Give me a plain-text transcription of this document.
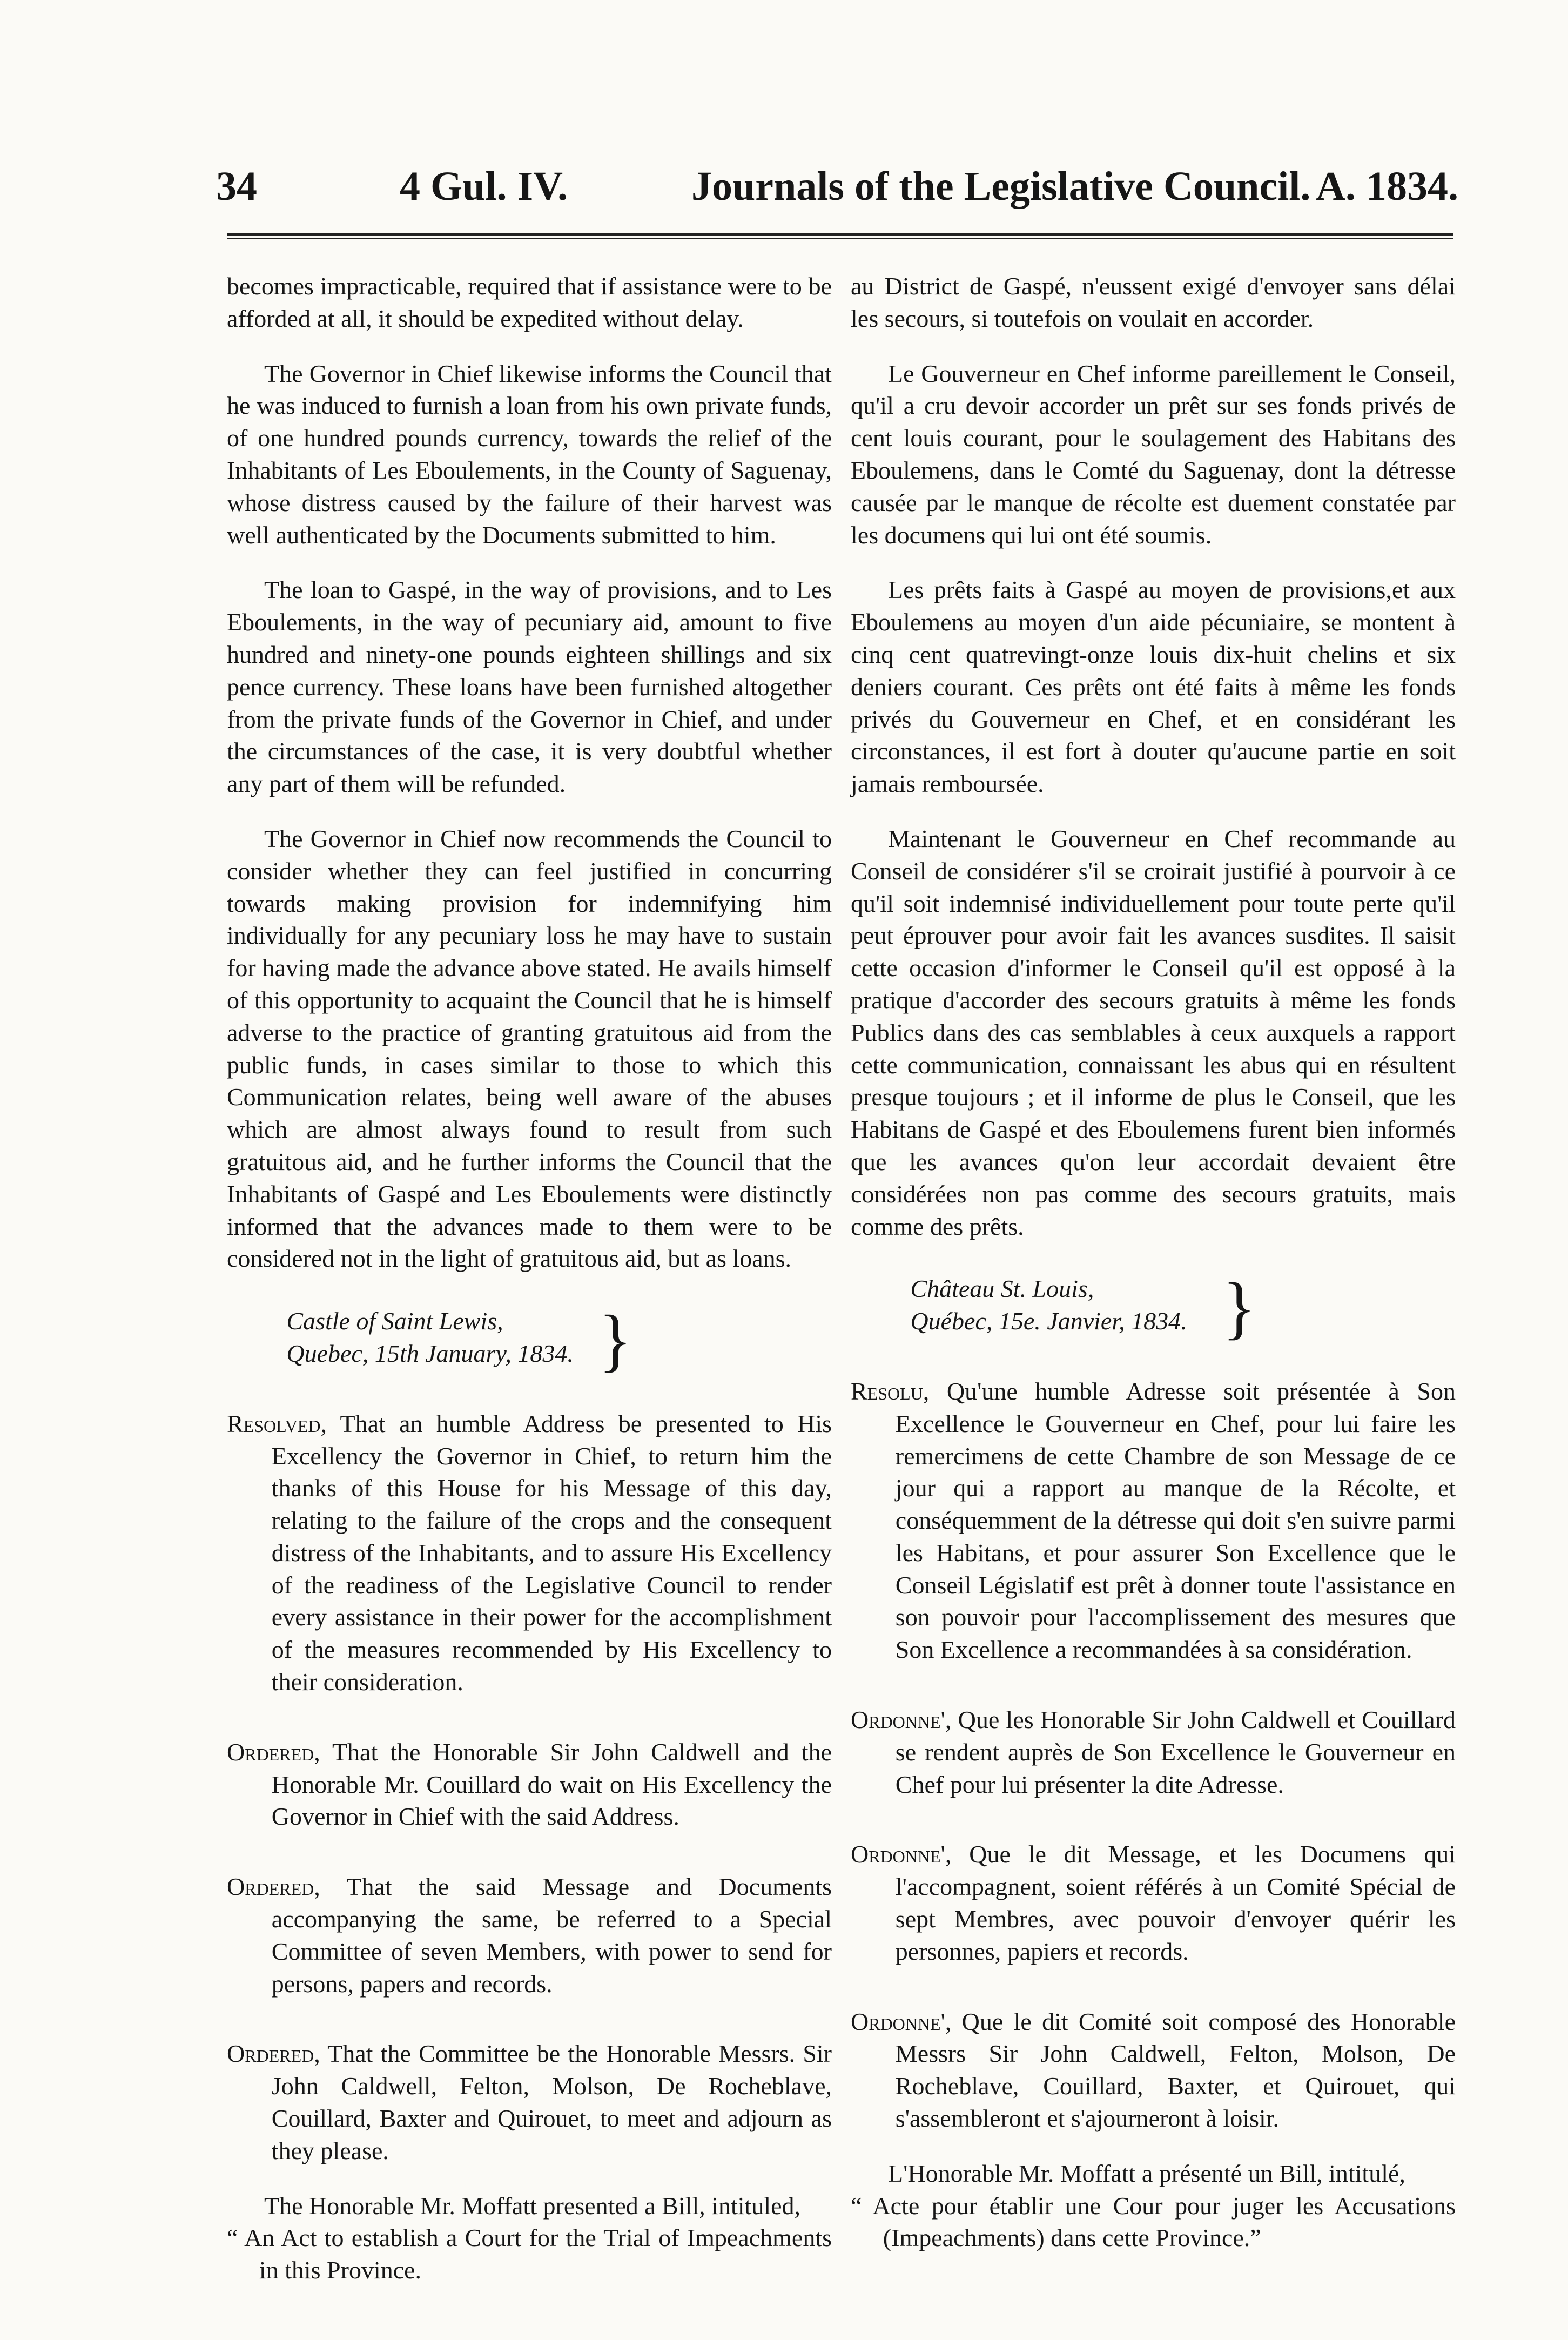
34	4 Gul. IV.	Journals of the Legislative Council. A. 1834.

becomes impracticable, required that if assistance were to be afforded at all, it should be expedited without delay.

The Governor in Chief likewise informs the Council that he was induced to furnish a loan from his own private funds, of one hundred pounds currency, towards the relief of the Inhabitants of Les Eboulements, in the County of Saguenay, whose distress caused by the failure of their harvest was well authenticated by the Documents submitted to him.

The loan to Gaspé, in the way of provisions, and to Les Eboulements, in the way of pecuniary aid, amount to five hundred and ninety-one pounds eighteen shillings and six pence currency. These loans have been furnished altogether from the private funds of the Governor in Chief, and under the circumstances of the case, it is very doubtful whether any part of them will be refunded.

The Governor in Chief now recommends the Council to consider whether they can feel justified in concurring towards making provision for indemnifying him individually for any pecuniary loss he may have to sustain for having made the advance above stated. He avails himself of this opportunity to acquaint the Council that he is himself adverse to the practice of granting gratuitous aid from the public funds, in cases similar to those to which this Communication relates, being well aware of the abuses which are almost always found to result from such gratuitous aid, and he further informs the Council that the Inhabitants of Gaspé and Les Eboulements were distinctly informed that the advances made to them were to be considered not in the light of gratuitous aid, but as loans.

Castle of Saint Lewis,
Quebec, 15th January, 1834. }

Resolved, That an humble Address be presented to His Excellency the Governor in Chief, to return him the thanks of this House for his Message of this day, relating to the failure of the crops and the consequent distress of the Inhabitants, and to assure His Excellency of the readiness of the Legislative Council to render every assistance in their power for the accomplishment of the measures recommended by His Excellency to their consideration.

Ordered, That the Honorable Sir John Caldwell and the Honorable Mr. Couillard do wait on His Excellency the Governor in Chief with the said Address.

Ordered, That the said Message and Documents accompanying the same, be referred to a Special Committee of seven Members, with power to send for persons, papers and records.

Ordered, That the Committee be the Honorable Messrs. Sir John Caldwell, Felton, Molson, De Rocheblave, Couillard, Baxter and Quirouet, to meet and adjourn as they please.

The Honorable Mr. Moffatt presented a Bill, intituled,

“ An Act to establish a Court for the Trial of Impeachments in this Province.

au District de Gaspé, n'eussent exigé d'envoyer sans délai les secours, si toutefois on voulait en accorder.

Le Gouverneur en Chef informe pareillement le Conseil, qu'il a cru devoir accorder un prêt sur ses fonds privés de cent louis courant, pour le soulagement des Habitans des Eboulemens, dans le Comté du Saguenay, dont la détresse causée par le manque de récolte est duement constatée par les documens qui lui ont été soumis.

Les prêts faits à Gaspé au moyen de provisions,et aux Eboulemens au moyen d'un aide pécuniaire, se montent à cinq cent quatrevingt-onze louis dix-huit chelins et six deniers courant. Ces prêts ont été faits à même les fonds privés du Gouverneur en Chef, et en considérant les circonstances, il est fort à douter qu'aucune partie en soit jamais remboursée.

Maintenant le Gouverneur en Chef recommande au Conseil de considérer s'il se croirait justifié à pourvoir à ce qu'il soit indemnisé individuellement pour toute perte qu'il peut éprouver pour avoir fait les avances susdites. Il saisit cette occasion d'informer le Conseil qu'il est opposé à la pratique d'accorder des secours gratuits à même les fonds Publics dans des cas semblables à ceux auxquels a rapport cette communication, connaissant les abus qui en résultent presque toujours ; et il informe de plus le Conseil, que les Habitans de Gaspé et des Eboulemens furent bien informés que les avances qu'on leur accordait devaient être considérées non pas comme des secours gratuits, mais comme des prêts.

Château St. Louis,
Québec, 15e. Janvier, 1834. }

Resolu, Qu'une humble Adresse soit présentée à Son Excellence le Gouverneur en Chef, pour lui faire les remercimens de cette Chambre de son Message de ce jour qui a rapport au manque de la Récolte, et conséquemment de la détresse qui doit s'en suivre parmi les Habitans, et pour assurer Son Excellence que le Conseil Législatif est prêt à donner toute l'assistance en son pouvoir pour l'accomplissement des mesures que Son Excellence a recommandées à sa considération.

Ordonne', Que les Honorable Sir John Caldwell et Couillard se rendent auprès de Son Excellence le Gouverneur en Chef pour lui présenter la dite Adresse.

Ordonne', Que le dit Message, et les Documens qui l'accompagnent, soient référés à un Comité Spécial de sept Membres, avec pouvoir d'envoyer quérir les personnes, papiers et records.

Ordonne', Que le dit Comité soit composé des Honorable Messrs Sir John Caldwell, Felton, Molson, De Rocheblave, Couillard, Baxter, et Quirouet, qui s'assembleront et s'ajourneront à loisir.

L'Honorable Mr. Moffatt a présenté un Bill, intitulé,

“ Acte pour établir une Cour pour juger les Accusations (Impeachments) dans cette Province.”
